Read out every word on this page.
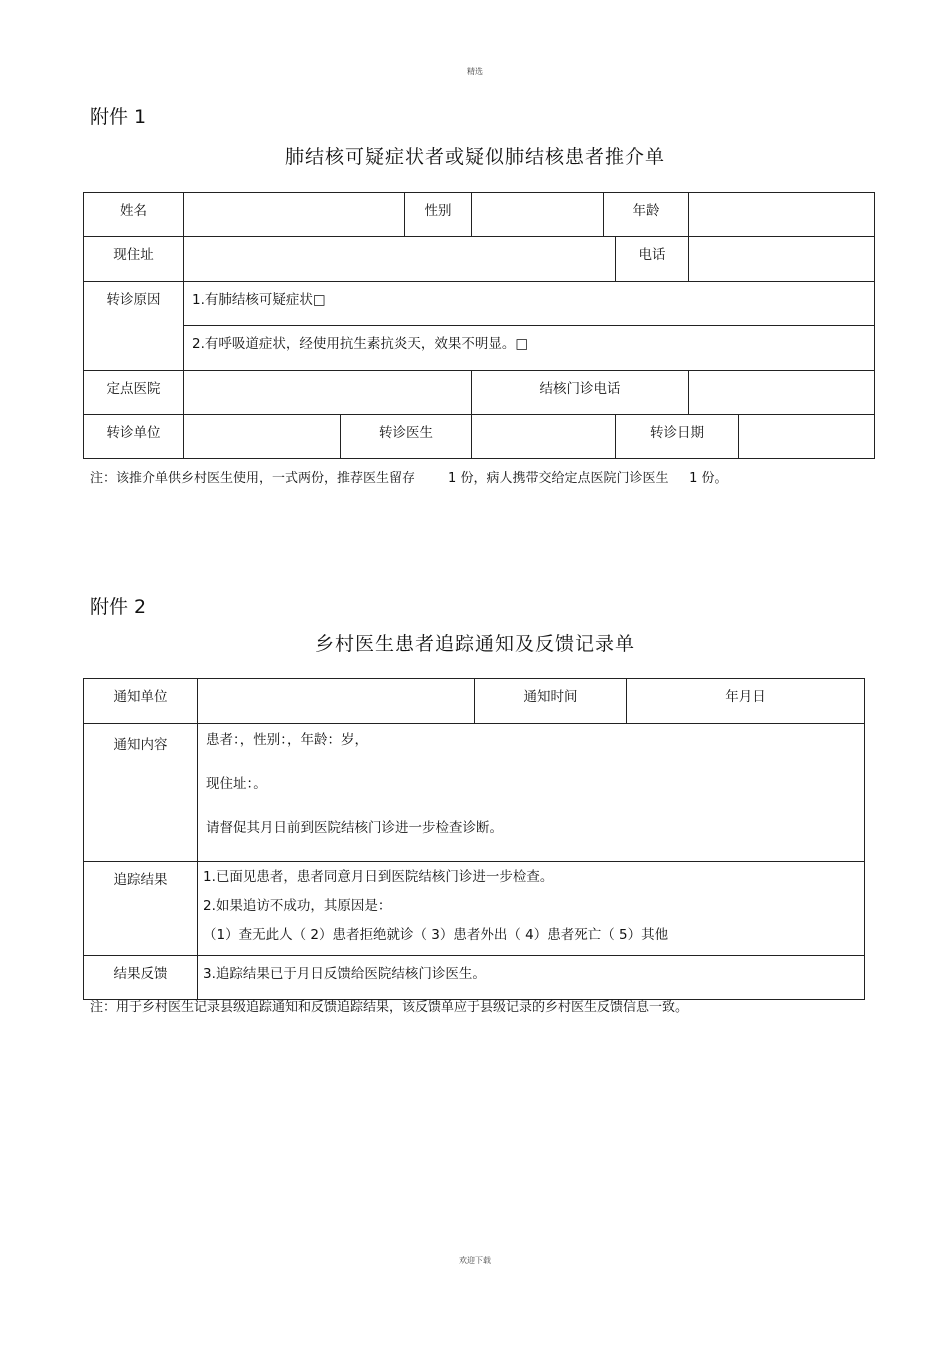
精选
附件 1
肺结核可疑症状者或疑似肺结核患者推介单
姓名			性别		年龄			
现住址						电话		
转诊原因	1.有肺结核可疑症状□							
	2.有呼吸道症状，经使用抗生素抗炎天，效果不明显。□							
定点医院				结核门诊电话				
转诊单位		转诊医生				转诊日期		
注：该推介单供乡村医生使用，一式两份，推荐医生留存        1 份，病人携带交给定点医院门诊医生     1 份。
附件 2
乡村医生患者追踪通知及反馈记录单
通知单位		通知时间	年月日
通知内容	患者：，性别：，年龄：岁，
现住址：。
请督促其月日前到医院结核门诊进一步检查诊断。		

追踪结果	1.已面见患者，患者同意月日到医院结核门诊进一步检查。
2.如果追访不成功，其原因是：
（1）查无此人（ 2）患者拒绝就诊（ 3）患者外出（ 4）患者死亡（ 5）其他		

结果反馈	3.追踪结果已于月日反馈给医院结核门诊医生。		
注：用于乡村医生记录县级追踪通知和反馈追踪结果，该反馈单应于县级记录的乡村医生反馈信息一致。
欢迎下载
